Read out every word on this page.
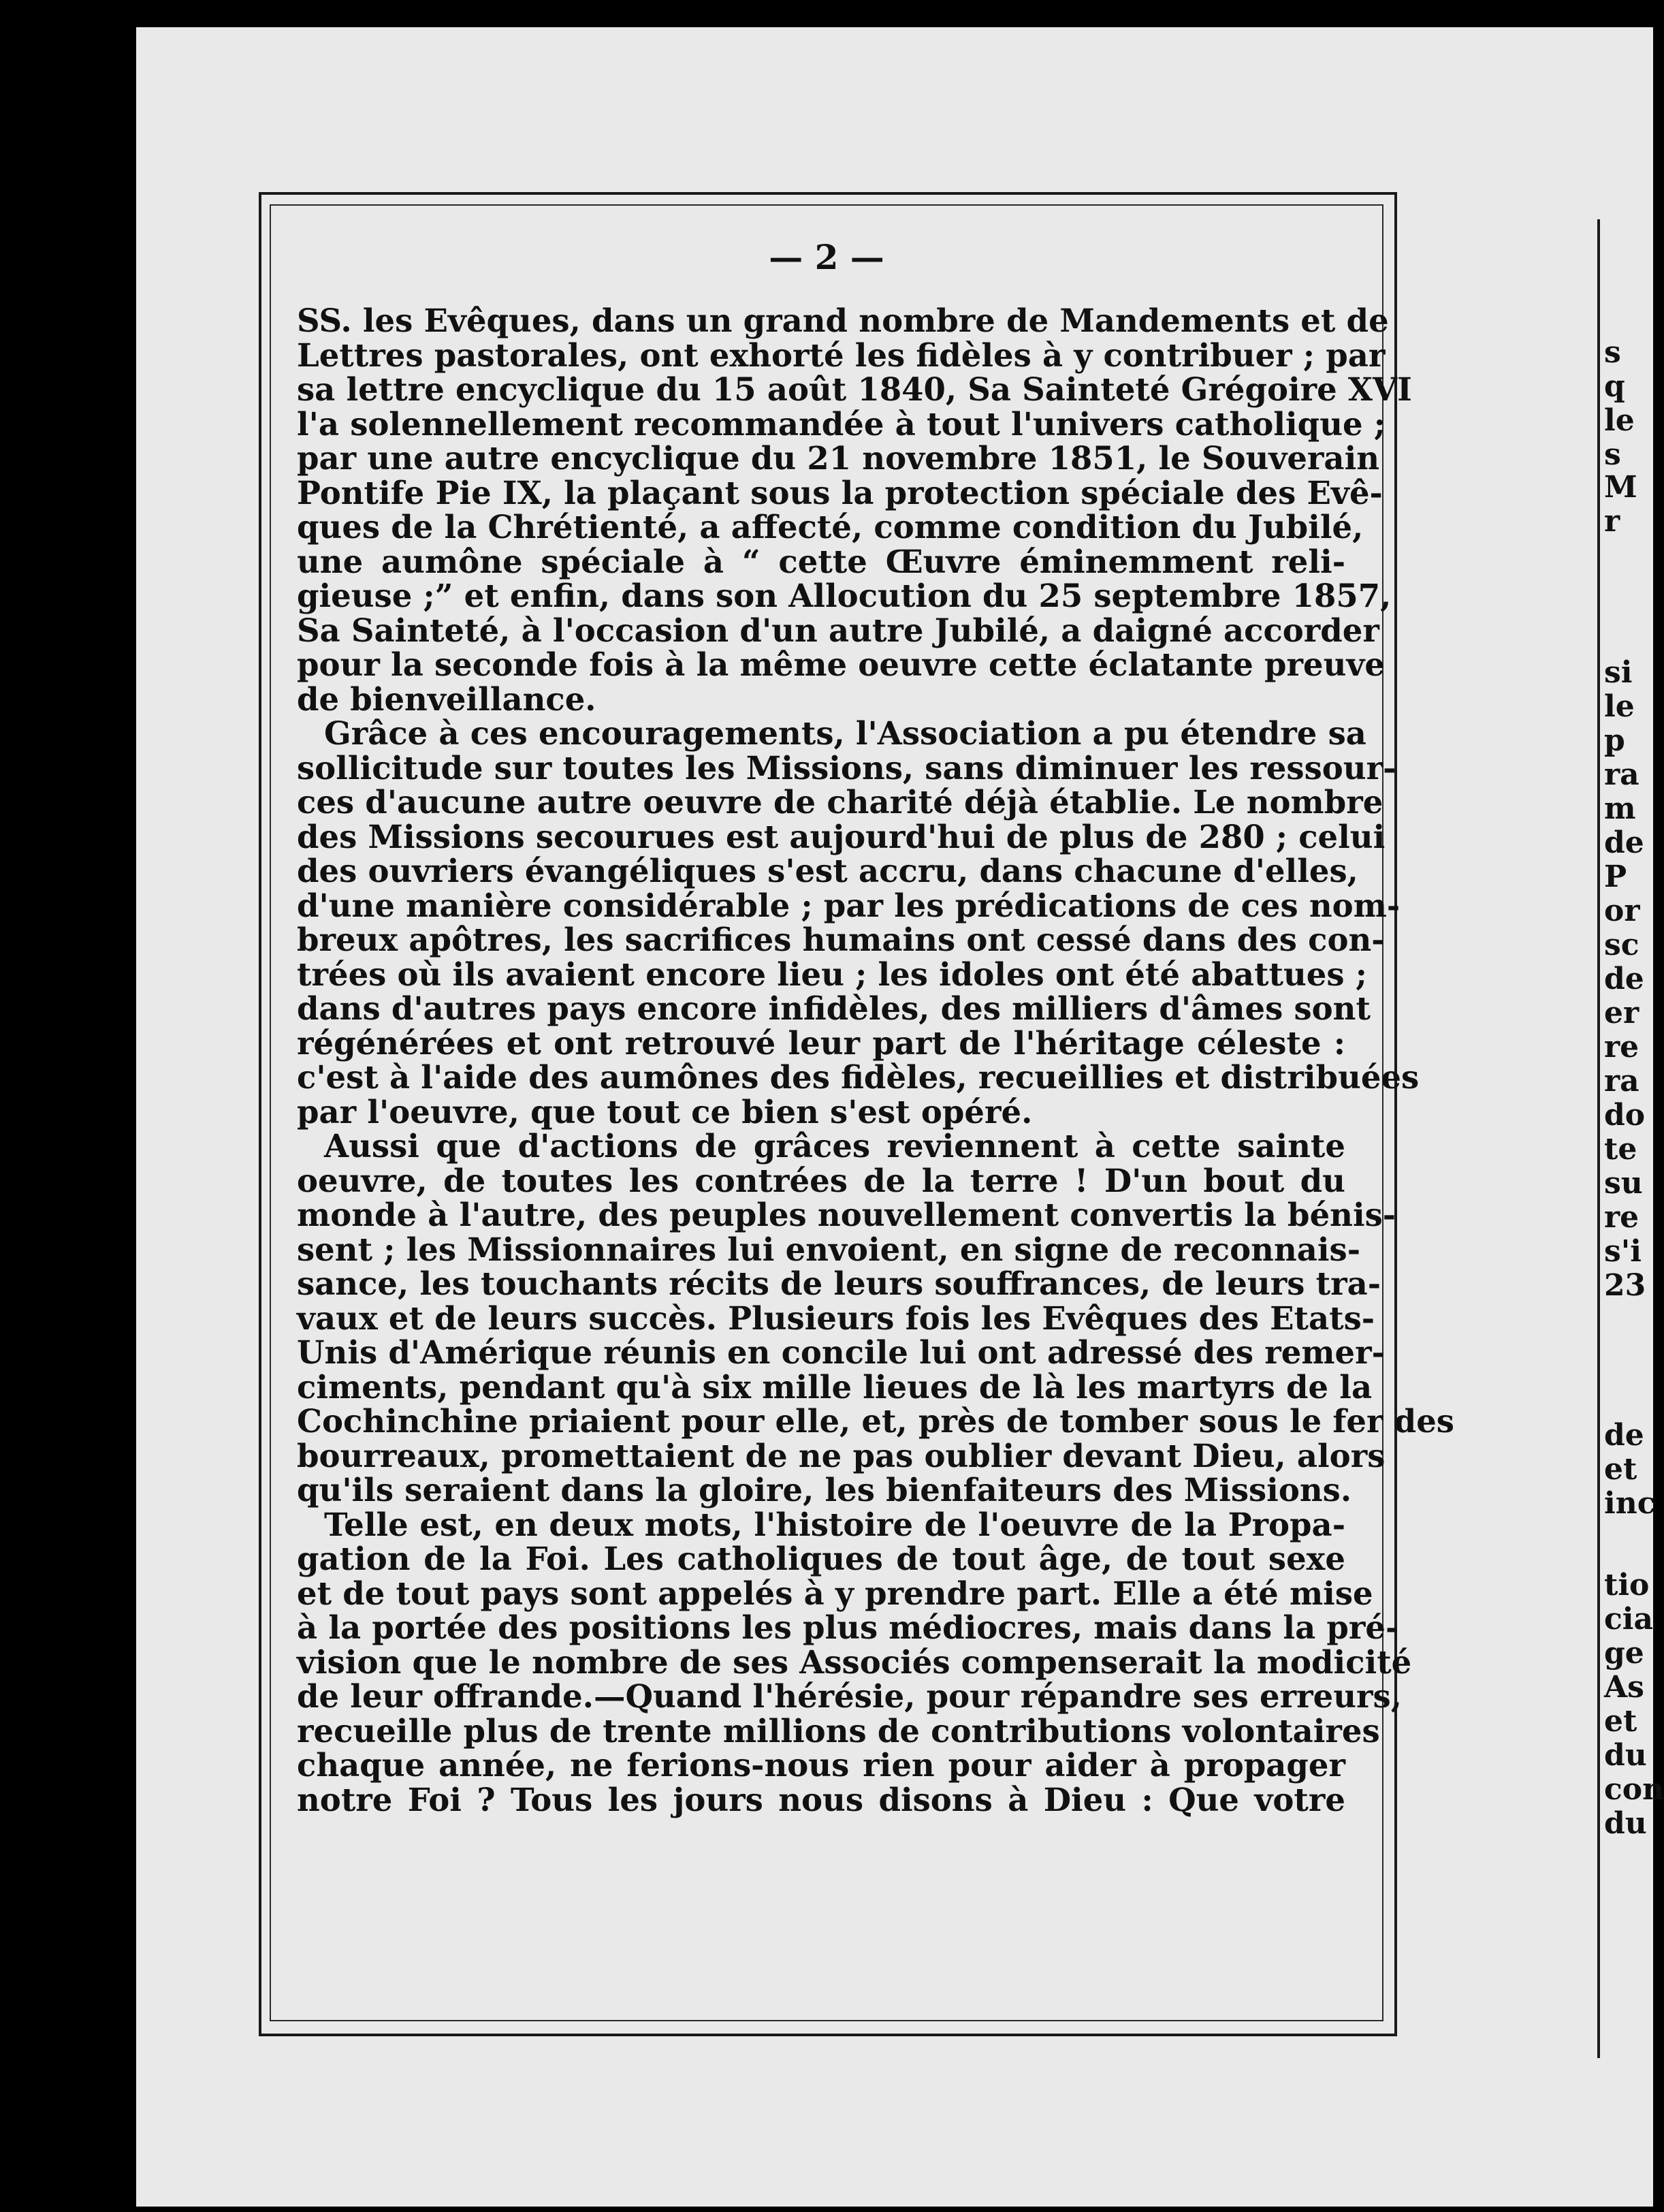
— 2 —
SS. les Evêques, dans un grand nombre de Mandements et de
Lettres pastorales, ont exhorté les fidèles à y contribuer ; par
sa lettre encyclique du 15 août 1840, Sa Sainteté Grégoire XVI
l'a solennellement recommandée à tout l'univers catholique ;
par une autre encyclique du 21 novembre 1851, le Souverain
Pontife Pie IX, la plaçant sous la protection spéciale des Evê-
ques de la Chrétienté, a affecté, comme condition du Jubilé,
une aumône spéciale à “ cette Œuvre éminemment reli-
gieuse ;” et enfin, dans son Allocution du 25 septembre 1857,
Sa Sainteté, à l'occasion d'un autre Jubilé, a daigné accorder
pour la seconde fois à la même oeuvre cette éclatante preuve
de bienveillance.
Grâce à ces encouragements, l'Association a pu étendre sa
sollicitude sur toutes les Missions, sans diminuer les ressour-
ces d'aucune autre oeuvre de charité déjà établie. Le nombre
des Missions secourues est aujourd'hui de plus de 280 ; celui
des ouvriers évangéliques s'est accru, dans chacune d'elles,
d'une manière considérable ; par les prédications de ces nom-
breux apôtres, les sacrifices humains ont cessé dans des con-
trées où ils avaient encore lieu ; les idoles ont été abattues ;
dans d'autres pays encore infidèles, des milliers d'âmes sont
régénérées et ont retrouvé leur part de l'héritage céleste :
c'est à l'aide des aumônes des fidèles, recueillies et distribuées
par l'oeuvre, que tout ce bien s'est opéré.
Aussi que d'actions de grâces reviennent à cette sainte
oeuvre, de toutes les contrées de la terre ! D'un bout du
monde à l'autre, des peuples nouvellement convertis la bénis-
sent ; les Missionnaires lui envoient, en signe de reconnais-
sance, les touchants récits de leurs souffrances, de leurs tra-
vaux et de leurs succès. Plusieurs fois les Evêques des Etats-
Unis d'Amérique réunis en concile lui ont adressé des remer-
ciments, pendant qu'à six mille lieues de là les martyrs de la
Cochinchine priaient pour elle, et, près de tomber sous le fer des
bourreaux, promettaient de ne pas oublier devant Dieu, alors
qu'ils seraient dans la gloire, les bienfaiteurs des Missions.
Telle est, en deux mots, l'histoire de l'oeuvre de la Propa-
gation de la Foi. Les catholiques de tout âge, de tout sexe
et de tout pays sont appelés à y prendre part. Elle a été mise
à la portée des positions les plus médiocres, mais dans la pré-
vision que le nombre de ses Associés compenserait la modicité
de leur offrande.—Quand l'hérésie, pour répandre ses erreurs,
recueille plus de trente millions de contributions volontaires
chaque année, ne ferions-nous rien pour aider à propager
notre Foi ? Tous les jours nous disons à Dieu : Que votre
s
q
le
s
M
r
si
le
p
ra
m
de
P
or
sc
de
er
re
ra
do
te
su
re
s'i
23
de
et
inc
tio
cia
ge
As
et
du
con
du
